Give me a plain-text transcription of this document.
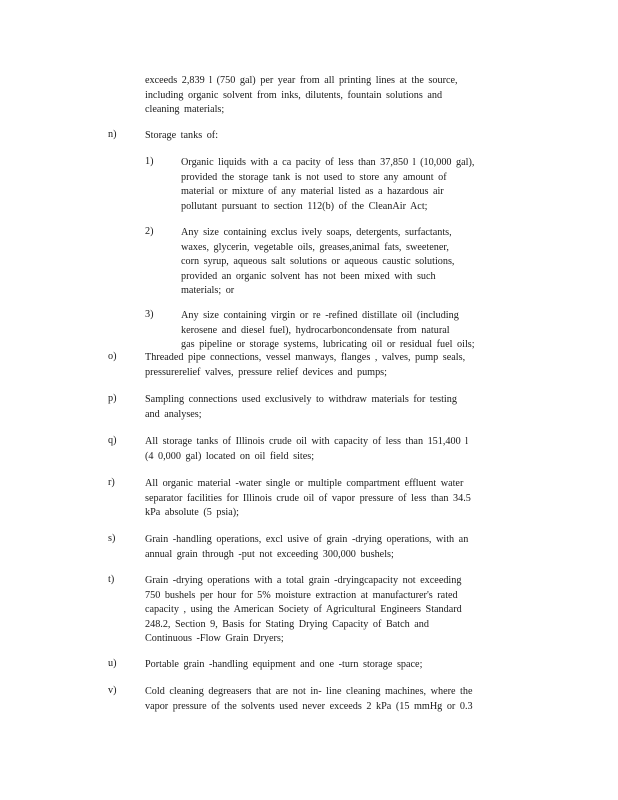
exceeds 2,839 l (750 gal) per year from all printing lines at the source,
including organic solvent from inks, dilutents, fountain solutions and
cleaning materials;
n)	Storage tanks of:
1)	Organic liquids with a ca pacity of less than 37,850 l (10,000 gal),
provided the storage tank is not used to store any amount of
material or mixture of any material listed as a hazardous air
pollutant pursuant to section 112(b) of the CleanAir Act;
2)	Any size containing exclus ively soaps, detergents, surfactants,
waxes, glycerin, vegetable oils, greases,animal fats, sweetener,
corn syrup, aqueous salt solutions or aqueous caustic solutions,
provided an organic solvent has not been mixed with such
materials; or
3)	Any size containing virgin or re -refined distillate oil (including
kerosene and diesel fuel), hydrocarboncondensate from natural
gas pipeline or storage systems, lubricating oil or residual fuel oils;
o)	Threaded pipe connections, vessel manways, flanges , valves, pump seals,
pressurerelief valves, pressure relief devices and pumps;
p)	Sampling connections used exclusively to withdraw materials for testing
and analyses;
q)	All storage tanks of Illinois crude oil with capacity of less than 151,400 l
(4 0,000 gal) located on oil field sites;
r)	All organic material -water single or multiple compartment effluent water
separator facilities for Illinois crude oil of vapor pressure of less than 34.5
kPa absolute (5 psia);
s)	Grain -handling operations, excl usive of grain -drying operations, with an
annual grain through -put not exceeding 300,000 bushels;
t)	Grain -drying operations with a total grain -dryingcapacity not exceeding
750 bushels per hour for 5% moisture extraction at manufacturer's rated
capacity , using the American Society of Agricultural Engineers Standard
248.2, Section 9, Basis for Stating Drying Capacity of Batch and
Continuous -Flow Grain Dryers;
u)	Portable grain -handling equipment and one -turn storage space;
v)	Cold cleaning degreasers that are not in- line cleaning machines, where the
vapor pressure of the solvents used never exceeds 2 kPa (15 mmHg or 0.3
